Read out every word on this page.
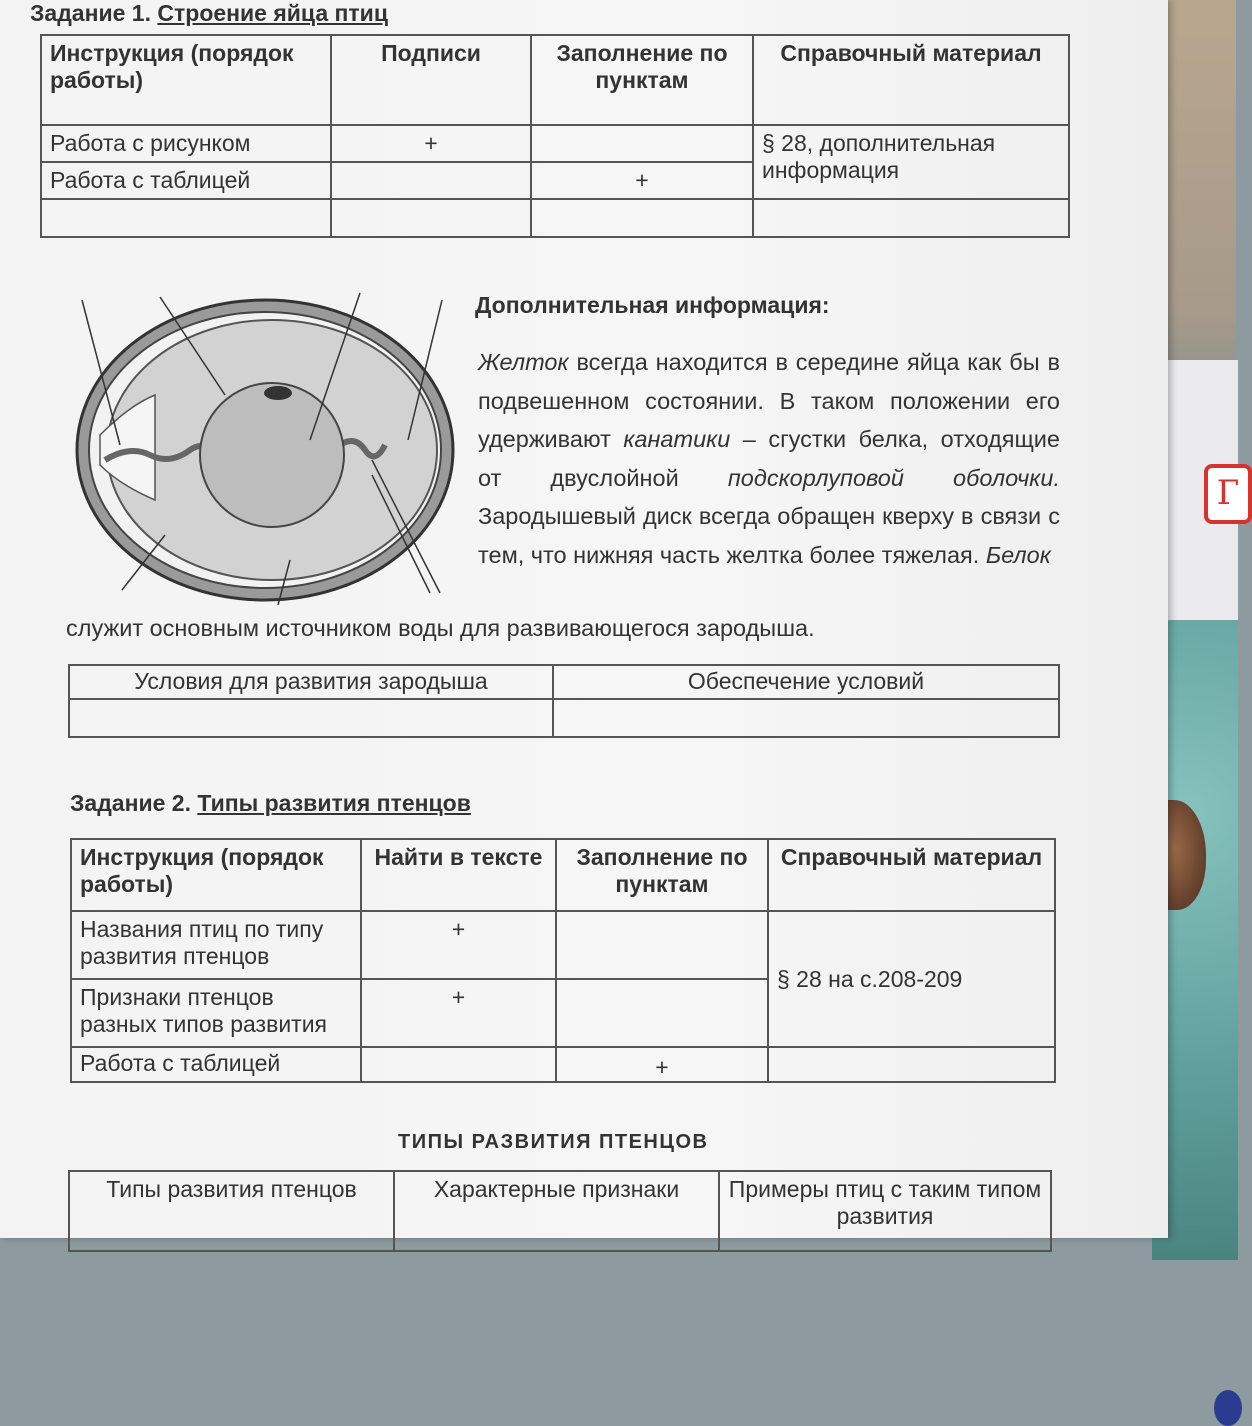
Г
Задание 1. Строение яйца птиц
Инструкция (порядок работы)	Подписи	Заполнение по пунктам	Справочный материал
Работа с рисунком	+		§ 28, дополнительная информация
Работа с таблицей		+	

Дополнительная информация:
Желток всегда находится в середине яйца как бы в подвешенном состоянии. В таком положении его удерживают канатики – сгустки белка, отходящие от двуслойной подскорлуповой оболочки. Зародышевый диск всегда обращен кверху в связи с тем, что нижняя часть желтка более тяжелая. Белок
служит основным источником воды для развивающегося зародыша.
Условия для развития зародыша	Обеспечение условий

Задание 2. Типы развития птенцов
Инструкция (порядок работы)	Найти в тексте	Заполнение по пунктам	Справочный материал
Названия птиц по типу развития птенцов	+		§ 28 на с.208-209
Признаки птенцов разных типов развития	+		
Работа с таблицей		+	
ТИПЫ РАЗВИТИЯ ПТЕНЦОВ
Типы развития птенцов	Характерные признаки	Примеры птиц с таким типом развития
